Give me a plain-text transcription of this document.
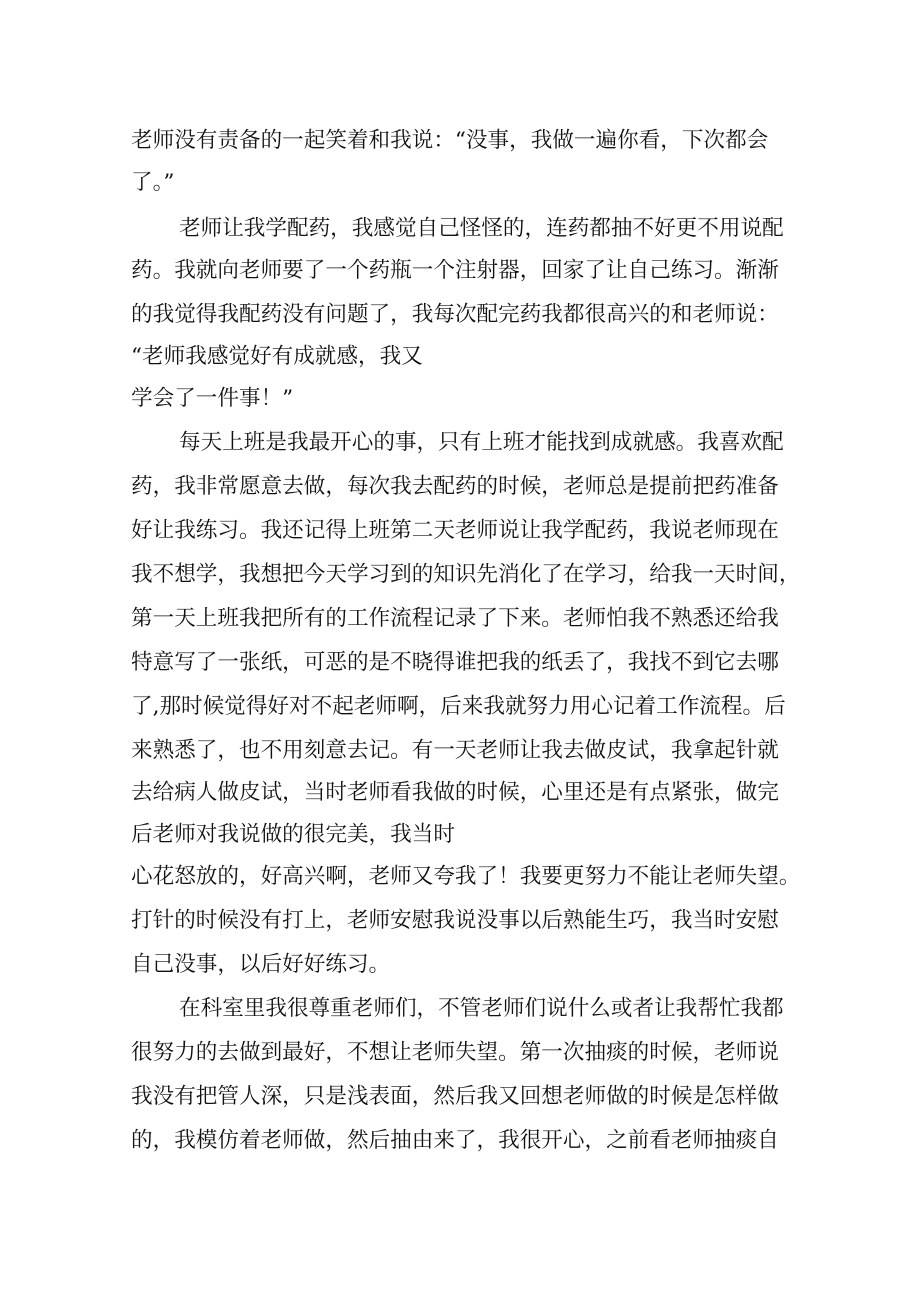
老师没有责备的一起笑着和我说：“没事，我做一遍你看，下次都会
了。”
老师让我学配药，我感觉自己怪怪的，连药都抽不好更不用说配
药。我就向老师要了一个药瓶一个注射器，回家了让自己练习。渐渐
的我觉得我配药没有问题了，我每次配完药我都很高兴的和老师说：
“老师我感觉好有成就感，我又
学会了一件事！”
每天上班是我最开心的事，只有上班才能找到成就感。我喜欢配
药，我非常愿意去做，每次我去配药的时候，老师总是提前把药准备
好让我练习。我还记得上班第二天老师说让我学配药，我说老师现在
我不想学，我想把今天学习到的知识先消化了在学习，给我一天时间，
第一天上班我把所有的工作流程记录了下来。老师怕我不熟悉还给我
特意写了一张纸，可恶的是不晓得谁把我的纸丢了，我找不到它去哪
了,那时候觉得好对不起老师啊，后来我就努力用心记着工作流程。后
来熟悉了，也不用刻意去记。有一天老师让我去做皮试，我拿起针就
去给病人做皮试，当时老师看我做的时候，心里还是有点紧张，做完
后老师对我说做的很完美，我当时
心花怒放的，好高兴啊，老师又夸我了！我要更努力不能让老师失望。
打针的时候没有打上，老师安慰我说没事以后熟能生巧，我当时安慰
自己没事，以后好好练习。
在科室里我很尊重老师们，不管老师们说什么或者让我帮忙我都
很努力的去做到最好，不想让老师失望。第一次抽痰的时候，老师说
我没有把管人深，只是浅表面，然后我又回想老师做的时候是怎样做
的，我模仿着老师做，然后抽由来了，我很开心，之前看老师抽痰自
